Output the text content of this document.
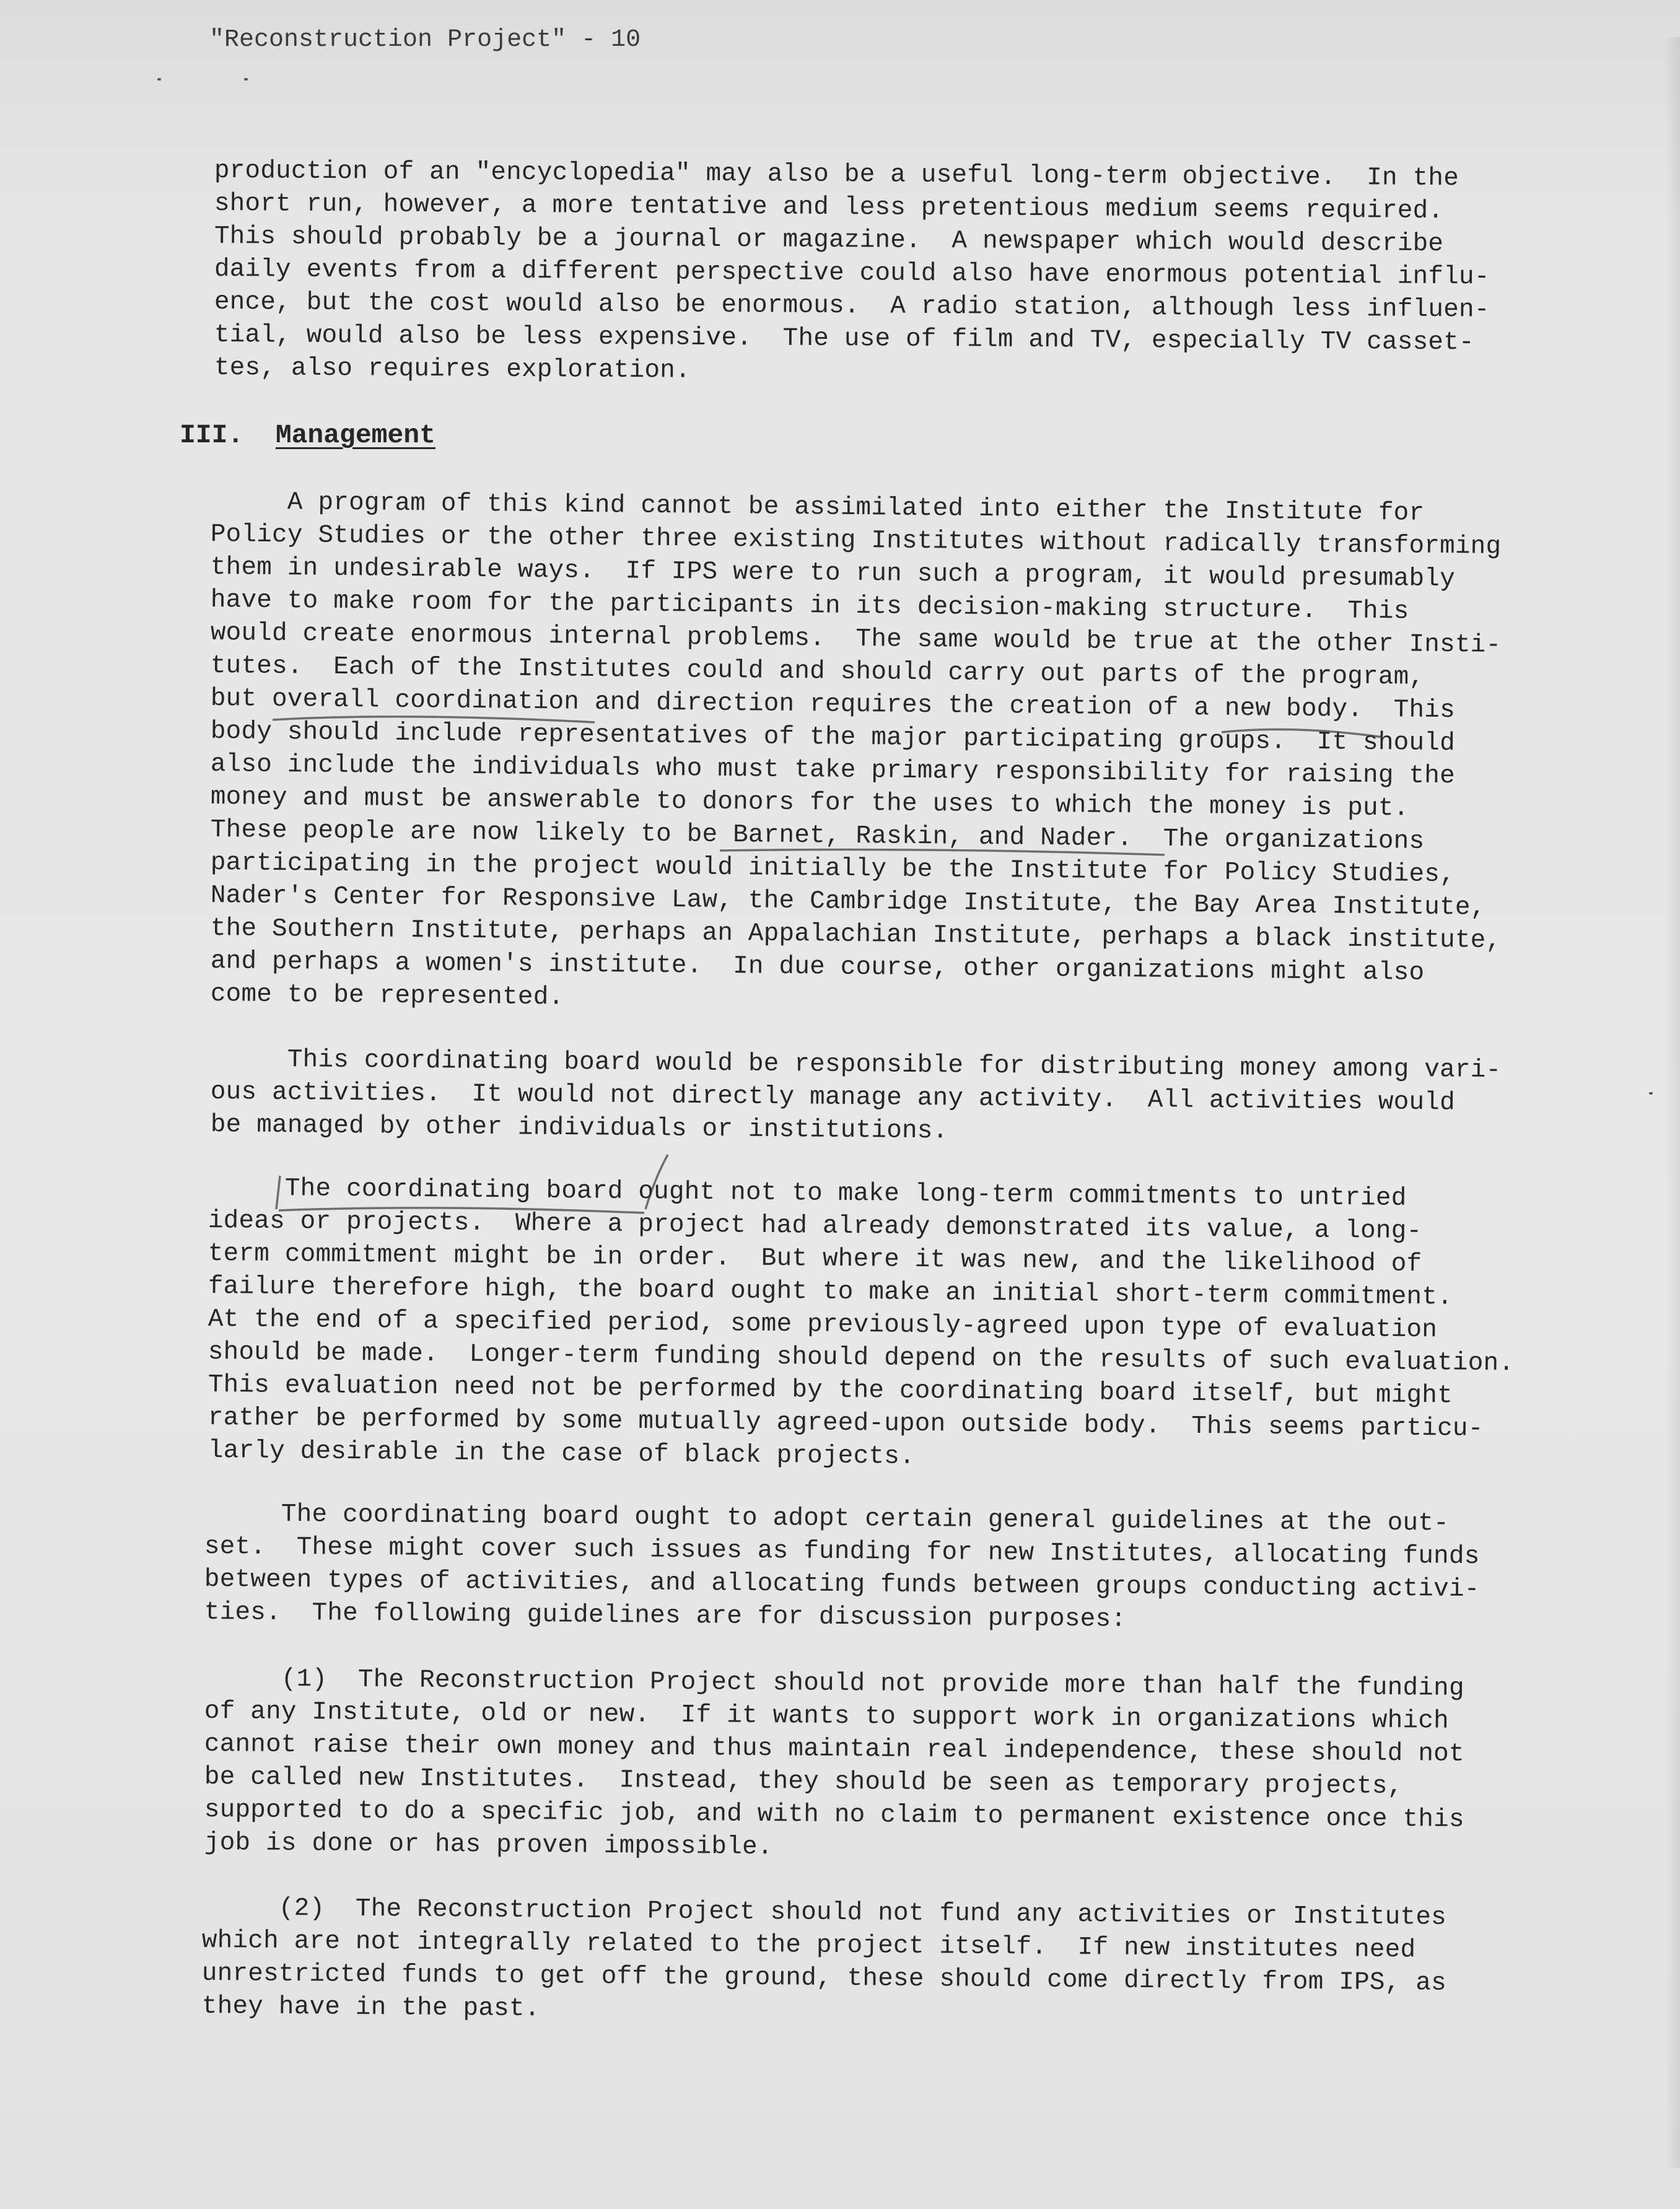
"Reconstruction Project" - 10
production of an "encyclopedia" may also be a useful long-term objective.  In the
short run, however, a more tentative and less pretentious medium seems required.
This should probably be a journal or magazine.  A newspaper which would describe
daily events from a different perspective could also have enormous potential influ-
ence, but the cost would also be enormous.  A radio station, although less influen-
tial, would also be less expensive.  The use of film and TV, especially TV casset-
tes, also requires exploration.
III. Management
A program of this kind cannot be assimilated into either the Institute for
Policy Studies or the other three existing Institutes without radically transforming
them in undesirable ways.  If IPS were to run such a program, it would presumably
have to make room for the participants in its decision-making structure.  This
would create enormous internal problems.  The same would be true at the other Insti-
tutes.  Each of the Institutes could and should carry out parts of the program,
but overall coordination and direction requires the creation of a new body.  This
body should include representatives of the major participating groups.  It should
also include the individuals who must take primary responsibility for raising the
money and must be answerable to donors for the uses to which the money is put.
These people are now likely to be Barnet, Raskin, and Nader.  The organizations
participating in the project would initially be the Institute for Policy Studies,
Nader's Center for Responsive Law, the Cambridge Institute, the Bay Area Institute,
the Southern Institute, perhaps an Appalachian Institute, perhaps a black institute,
and perhaps a women's institute.  In due course, other organizations might also
come to be represented.
This coordinating board would be responsible for distributing money among vari-
ous activities.  It would not directly manage any activity.  All activities would
be managed by other individuals or institutions.
The coordinating board ought not to make long-term commitments to untried
ideas or projects.  Where a project had already demonstrated its value, a long-
term commitment might be in order.  But where it was new, and the likelihood of
failure therefore high, the board ought to make an initial short-term commitment.
At the end of a specified period, some previously-agreed upon type of evaluation
should be made.  Longer-term funding should depend on the results of such evaluation.
This evaluation need not be performed by the coordinating board itself, but might
rather be performed by some mutually agreed-upon outside body.  This seems particu-
larly desirable in the case of black projects.
The coordinating board ought to adopt certain general guidelines at the out-
set.  These might cover such issues as funding for new Institutes, allocating funds
between types of activities, and allocating funds between groups conducting activi-
ties.  The following guidelines are for discussion purposes:
(1)  The Reconstruction Project should not provide more than half the funding
of any Institute, old or new.  If it wants to support work in organizations which
cannot raise their own money and thus maintain real independence, these should not
be called new Institutes.  Instead, they should be seen as temporary projects,
supported to do a specific job, and with no claim to permanent existence once this
job is done or has proven impossible.
(2)  The Reconstruction Project should not fund any activities or Institutes
which are not integrally related to the project itself.  If new institutes need
unrestricted funds to get off the ground, these should come directly from IPS, as
they have in the past.
